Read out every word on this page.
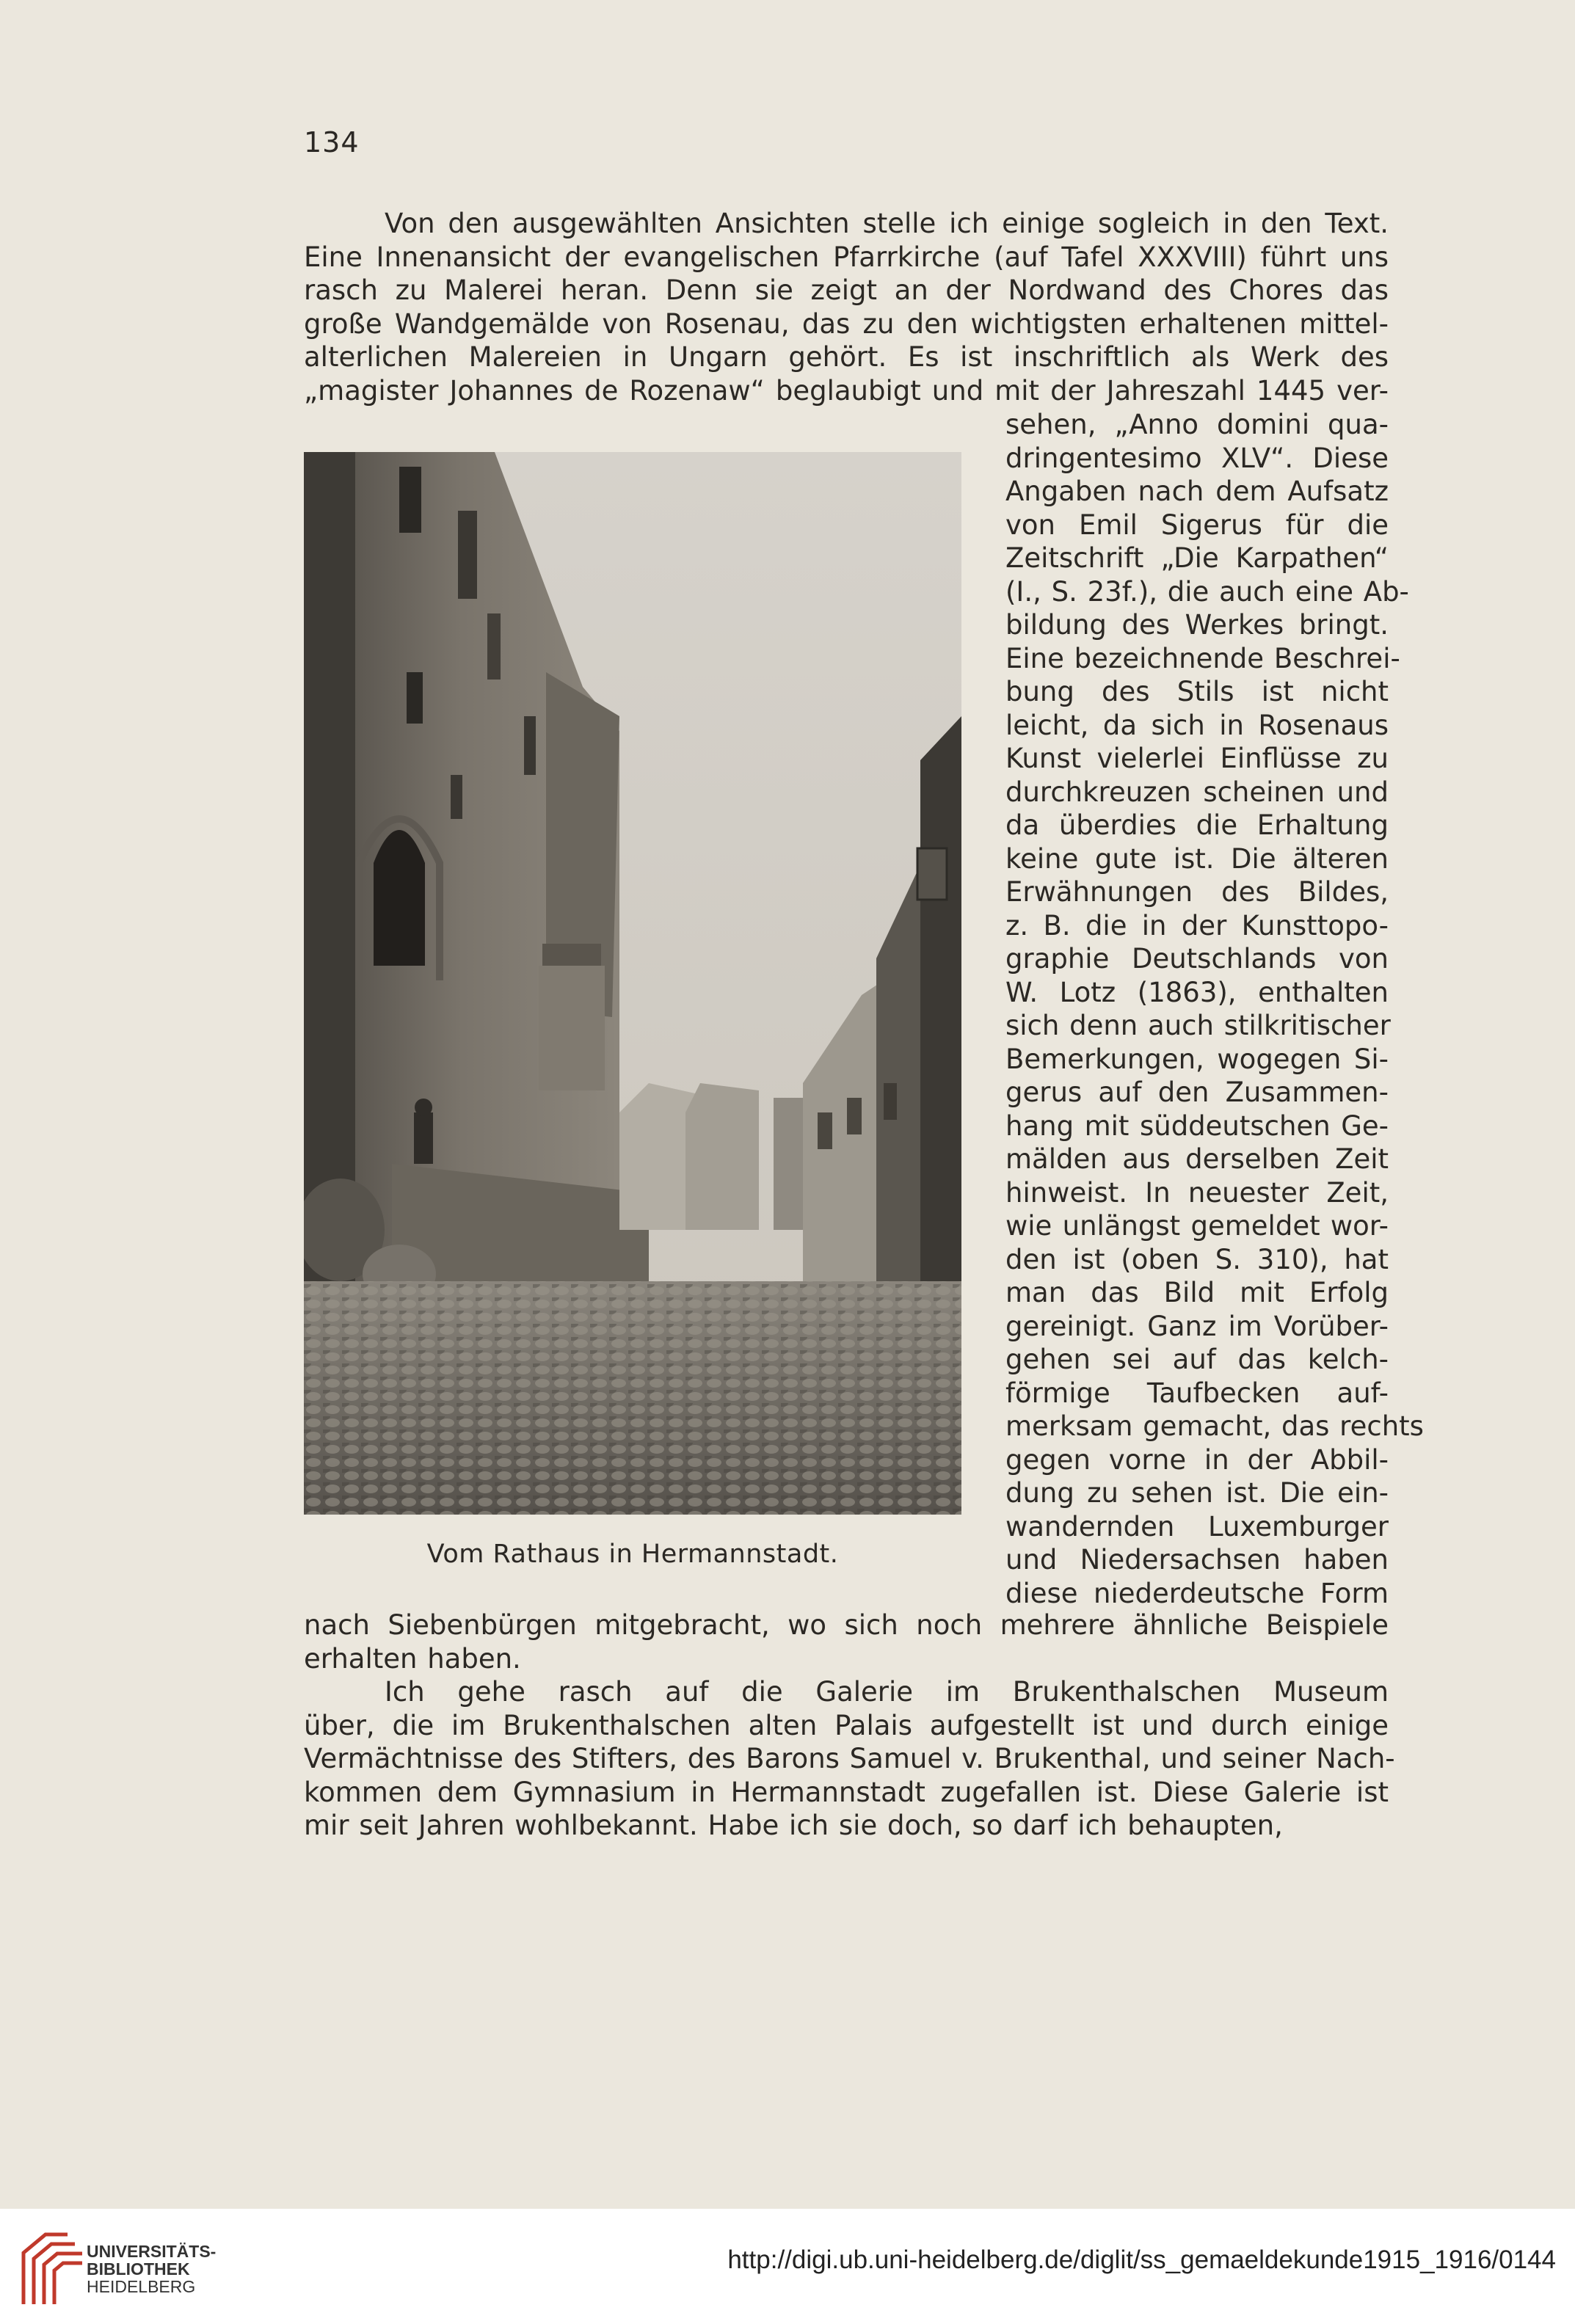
134
Von den ausgewählten Ansichten stelle ich einige sogleich in den Text.
Eine Innenansicht der evangelischen Pfarrkirche (auf Tafel XXXVIII) führt uns
rasch zu Malerei heran. Denn sie zeigt an der Nordwand des Chores das
große Wandgemälde von Rosenau, das zu den wichtigsten erhaltenen mittel-
alterlichen Malereien in Ungarn gehört. Es ist inschriftlich als Werk des
„magister Johannes de Rozenaw“ beglaubigt und mit der Jahreszahl 1445 ver-
sehen, „Anno domini qua-
dringentesimo XLV“. Diese
Angaben nach dem Aufsatz
von Emil Sigerus für die
Zeitschrift „Die Karpathen“
(I., S. 23f.), die auch eine Ab-
bildung des Werkes bringt.
Eine bezeichnende Beschrei-
bung des Stils ist nicht
leicht, da sich in Rosenaus
Kunst vielerlei Einflüsse zu
durchkreuzen scheinen und
da überdies die Erhaltung
keine gute ist. Die älteren
Erwähnungen des Bildes,
z. B. die in der Kunsttopo-
graphie Deutschlands von
W. Lotz (1863), enthalten
sich denn auch stilkritischer
Bemerkungen, wogegen Si-
gerus auf den Zusammen-
hang mit süddeutschen Ge-
mälden aus derselben Zeit
hinweist. In neuester Zeit,
wie unlängst gemeldet wor-
den ist (oben S. 310), hat
man das Bild mit Erfolg
gereinigt. Ganz im Vorüber-
gehen sei auf das kelch-
förmige Taufbecken auf-
merksam gemacht, das rechts
gegen vorne in der Abbil-
dung zu sehen ist. Die ein-
wandernden Luxemburger
und Niedersachsen haben
diese niederdeutsche Form
Vom Rathaus in Hermannstadt.
nach Siebenbürgen mitgebracht, wo sich noch mehrere ähnliche Beispiele
erhalten haben.
Ich gehe rasch auf die Galerie im Brukenthalschen Museum
über, die im Brukenthalschen alten Palais aufgestellt ist und durch einige
Vermächtnisse des Stifters, des Barons Samuel v. Brukenthal, und seiner Nach-
kommen dem Gymnasium in Hermannstadt zugefallen ist. Diese Galerie ist
mir seit Jahren wohlbekannt. Habe ich sie doch, so darf ich behaupten,
UNIVERSITÄTS-
BIBLIOTHEK
HEIDELBERG
http://digi.ub.uni-heidelberg.de/diglit/ss_gemaeldekunde1915_1916/0144
